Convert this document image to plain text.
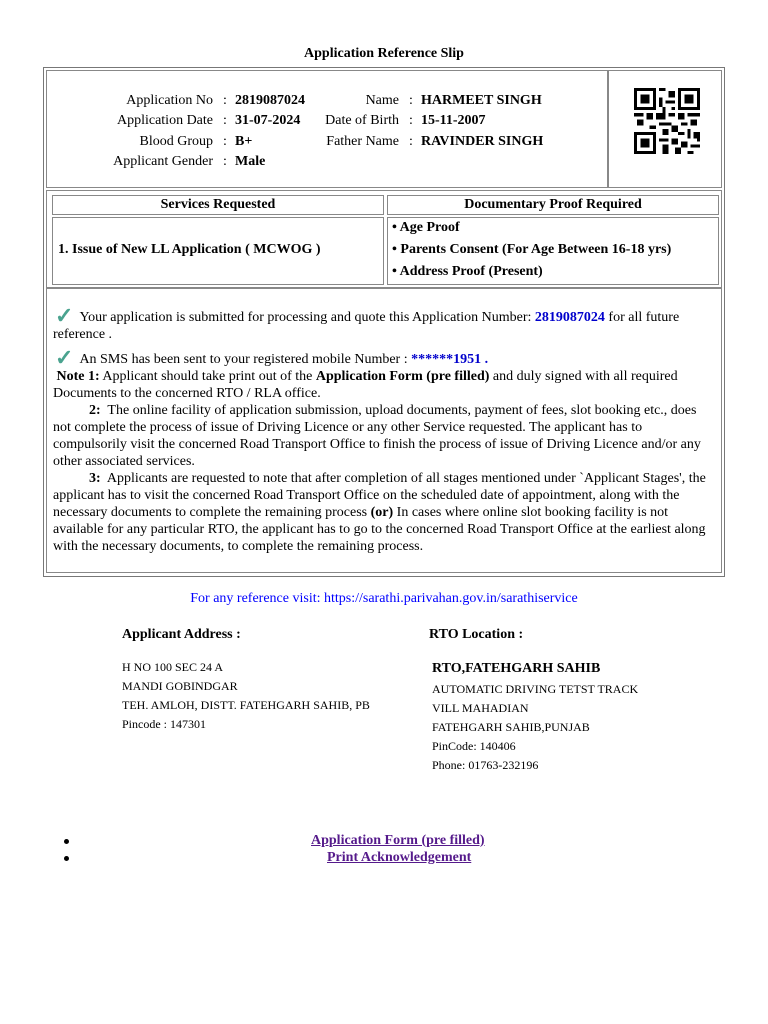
Application Reference Slip
Application No : 2819087024	Name : HARMEET SINGH
Application Date : 31-07-2024	Date of Birth : 15-11-2007
Blood Group : B+	Father Name : RAVINDER SINGH
Applicant Gender : Male
Services Requested	Documentary Proof Required
1. Issue of New LL Application ( MCWOG )
• Age Proof
• Parents Consent (For Age Between 16-18 yrs)
• Address Proof (Present)
✓ Your application is submitted for processing and quote this Application Number: 2819087024 for all future reference .
✓ An SMS has been sent to your registered mobile Number : ******1951 .
Note 1: Applicant should take print out of the Application Form (pre filled) and duly signed with all required Documents to the concerned RTO / RLA office.
2: The online facility of application submission, upload documents, payment of fees, slot booking etc., does not complete the process of issue of Driving Licence or any other Service requested. The applicant has to compulsorily visit the concerned Road Transport Office to finish the process of issue of Driving Licence and/or any other associated services.
3: Applicants are requested to note that after completion of all stages mentioned under `Applicant Stages', the applicant has to visit the concerned Road Transport Office on the scheduled date of appointment, along with the necessary documents to complete the remaining process (or) In cases where online slot booking facility is not available for any particular RTO, the applicant has to go to the concerned Road Transport Office at the earliest along with the necessary documents, to complete the remaining process.
For any reference visit: https://sarathi.parivahan.gov.in/sarathiservice
Applicant Address :
H NO 100 SEC 24 A
MANDI GOBINDGAR
TEH. AMLOH, DISTT. FATEHGARH SAHIB, PB
Pincode : 147301
RTO Location :
RTO,FATEHGARH SAHIB
AUTOMATIC DRIVING TETST TRACK
VILL MAHADIAN
FATEHGARH SAHIB,PUNJAB
PinCode: 140406
Phone: 01763-232196
Application Form (pre filled)
Print Acknowledgement
